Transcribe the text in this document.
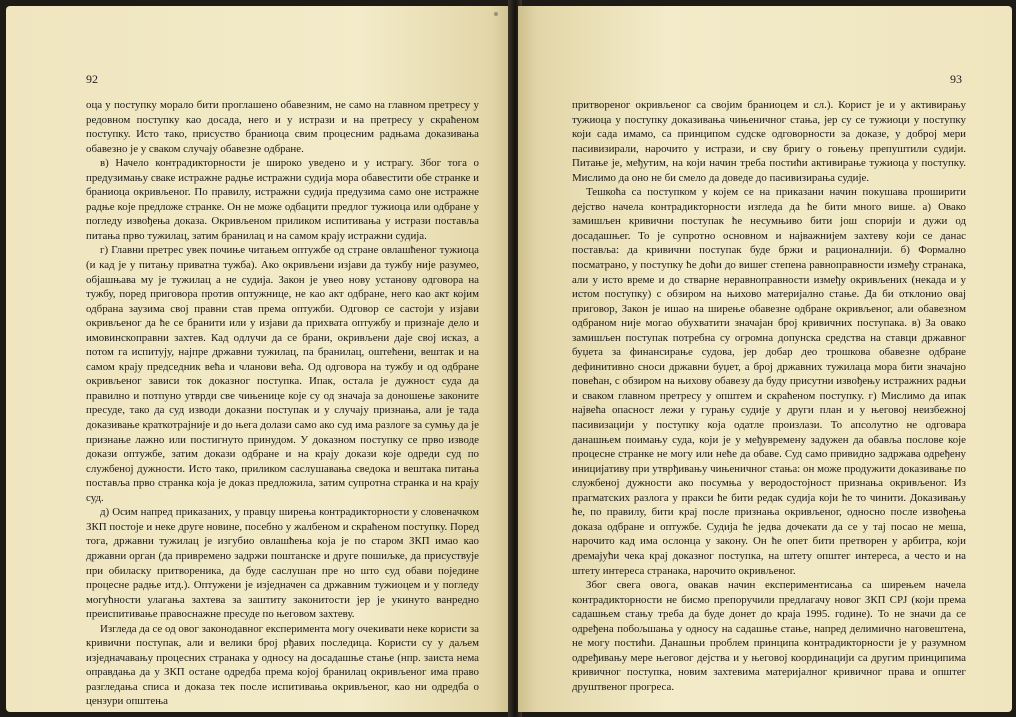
92

оца у поступку морало бити проглашено обавезним, не само на главном претресу у редовном поступку као досада, него и у истрази и на претресу у скраћеном поступку. Исто тако, присуство браниоца свим процесним радњама доказивања обавезно је у сваком случају обавезне одбране.

в) Начело контрадикторности је широко уведено и у истрагу. Због тога о предузимању сваке истражне радње истражни судија мора обавестити обе странке и браниоца окривљеног. По правилу, истражни судија предузима само оне истражне радње које предложе странке. Он не може одбацити предлог тужиоца или одбране у погледу извођења доказа. Окривљеном приликом испитивања у истрази постављa питања прво тужилац, затим бранилац и на самом крају истражни судија.

г) Главни претрес увек почиње читањем оптужбе од стране овлашћеног тужиоца (и кад је у питању приватна тужба). Ако окривљени изјави да тужбу није разумео, објашњава му је тужилац а не судија. Закон је увео нову установу одговора на тужбу, поред приговора против оптужнице, не као акт одбране, него као акт којим одбрана заузима свој правни став према оптужби. Одговор се састоји у изјави окривљеног да ће се бранити или у изјави да прихвата оптужбу и признаје дело и имовинскоправни захтев. Кад одлучи да се брани, окривљени даје свој исказ, а потом га испитују, најпре државни тужилац, па бранилац, оштећени, вештак и на самом крају председник већа и чланови већа. Од одговора на тужбу и од одбране окривљеног зависи ток доказног поступка. Ипак, остала је дужност суда да правилно и потпуно утврди све чињенице које су од значаја за доношење законите пресуде, тако да суд изводи доказни поступак и у случају признања, али је тада доказивање краткотрајније и до њега долази само ако суд има разлоге за сумњу да је признање лажно или постигнуто принудом. У доказном поступку се прво изводе докази оптужбе, затим докази одбране и на крају докази које одреди суд по службеној дужности. Исто тако, приликом саслушавања сведока и вештака питања поставља прво странка која је доказ предложила, затим супротна странка и на крају суд.

д) Осим напред приказаних, у правцу ширења контрадикторности у словеначком ЗКП постоје и неке друге новине, посебно у жалбеном и скраћеном поступку. Поред тога, државни тужилац је изгубио овлашћења која је по старом ЗКП имао као државни орган (да привремено задржи поштанске и друге пошиљке, да присуствује при обиласку притвореника, да буде саслушан пре но што суд обави поједине процесне радње итд.). Оптужени је изједначен са државним тужиоцем и у погледу могућности улагања захтева за заштиту законитости јер је укинуто ванредно преиспитивање правоснажне пресуде по његовом захтеву.

Изгледа да се од овог законодавног експеримента могу очекивати неке користи за кривични поступак, али и велики број рђавих последица. Користи су у даљем изједначавању процесних странака у односу на досадашње стање (нпр. заиста нема оправдања да у ЗКП остане одредба према којој бранилац окривљеног има право разгледања списа и доказа тек после испитивања окривљеног, као ни одредба о цензури општења

93

притвореног окривљеног са својим браниоцем и сл.). Корист је и у активирању тужиоца у поступку доказивања чињеничног стања, јер су се тужиоци у поступку који сада имамо, са принципом судске одговорности за доказе, у доброј мери пасивизирали, нарочито у истрази, и сву бригу о гоњењу препуштили судији. Питање је, међутим, на који начин треба постићи активирање тужиоца у поступку. Мислимо да оно не би смело да доведе до пасивизирања судије.

Тешкоћа са поступком у којем се на приказани начин покушава проширити дејство начела контрадикторности изгледа да ће бити много више. а) Овако замишљен кривични поступак ће несумњиво бити још спорији и дужи од досадашњег. То је супротно основном и најважнијем захтеву који се данас поставља: да кривични поступак буде бржи и рационалнији. б) Формално посматрано, у поступку ће доћи до вишег степена равноправности између странака, али у исто време и до стварне неравноправности између окривљених (некада и у истом поступку) с обзиром на њихово материјално стање. Да би отклонио овај приговор, Закон је ишао на ширење обавезне одбране окривљеног, али обавезном одбраном није могао обухватити значајан број кривичних поступака. в) За овако замишљен поступак потребна су огромна допунска средства на ставци државног буџета за финансирање судова, јер добар део трошкова обавезне одбране дефинитивно сноси државни буџет, а број државних тужилаца мора бити значајно повећан, с обзиром на њихову обавезу да буду присутни извођењу истражних радњи и сваком главном претресу у општем и скраћеном поступку. г) Мислимо да ипак највећа опасност лежи у гурању судије у други план и у његовој неизбежној пасивизацији у поступку која одатле произлази. То апсолутно не одговара данашњем поимању суда, који је у међувремену задужен да обавља послове које процесне странке не могу или неће да обаве. Суд само привидно задржава одређену иницијативу при утврђивању чињеничног стања: он може продужити доказивање по службеној дужности ако посумња у веродостојност признања окривљеног. Из прагматских разлога у пракси ће бити редак судија који ће то чинити. Доказивању ће, по правилу, бити крај после признања окривљеног, односно после извођења доказа одбране и оптужбе. Судија ће једва дочекати да се у тај посао не меша, нарочито кад има ослонца у закону. Он ће опет бити претворен у арбитра, који дремајући чека крај доказног поступка, на штету општег интереса, а често и на штету интереса странака, нарочито окривљеног.

Због свега овога, овакав начин експериментисања са ширењем начела контрадикторности не бисмо препоручили предлагачу новог ЗКП СРЈ (који према садашњем стању треба да буде донет до краја 1995. године). То не значи да се одређена побољшања у односу на садашње стање, напред делимично наговештена, не могу постићи. Данашњи проблем принципа контрадикторности је у разумном одређивању мере његовог дејства и у његовој координацији са другим принципима кривичног поступка, новим захтевима материјалног кривичног права и општег друштвеног прогреса.
